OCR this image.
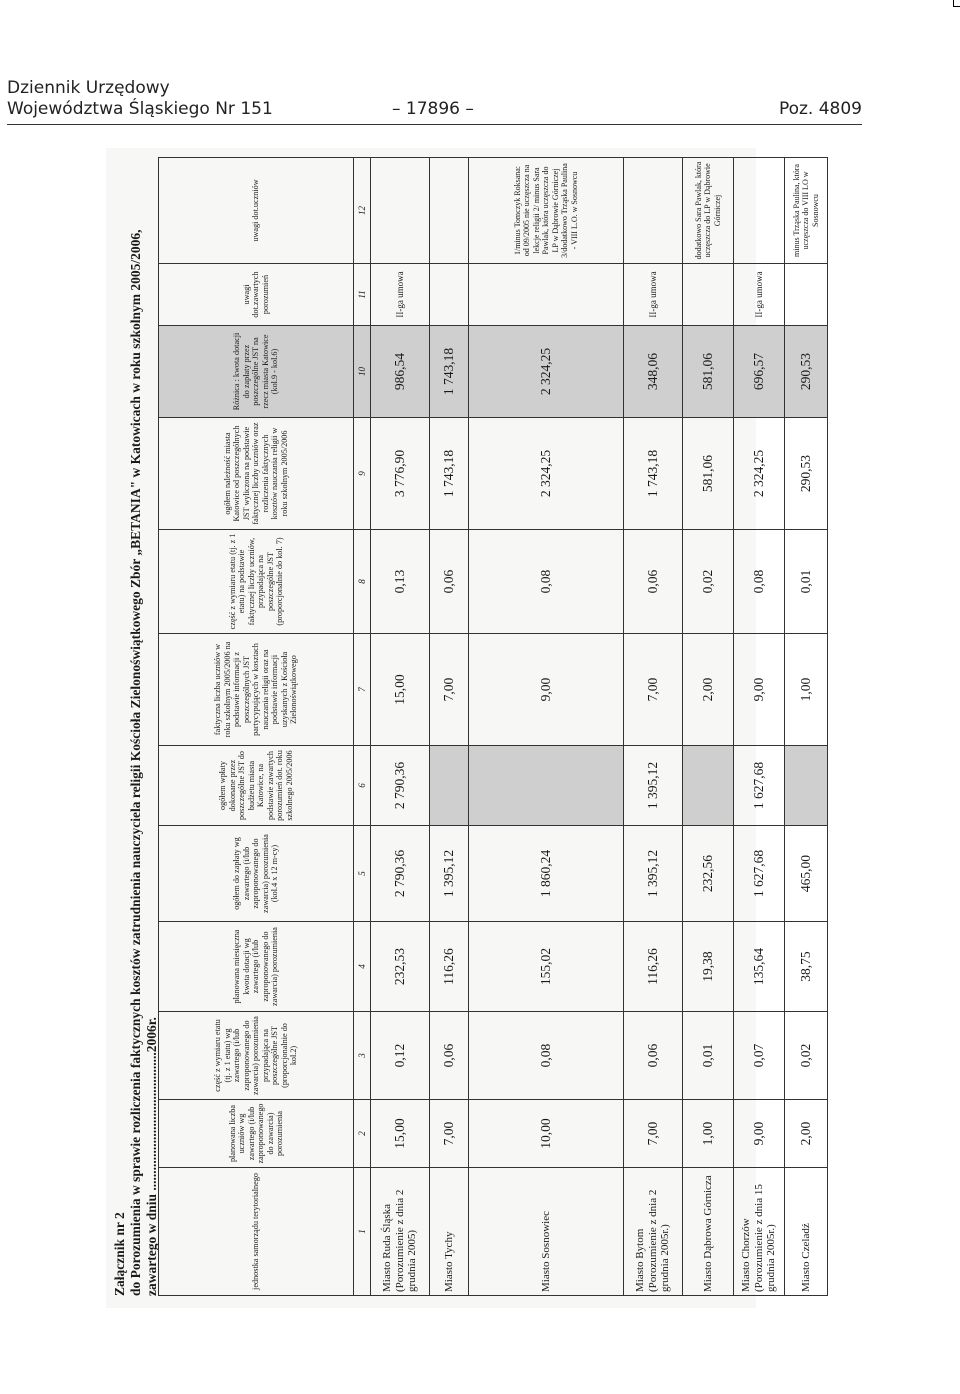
Dziennik Urzędowy
Województwa Śląskiego Nr 151	– 17896 –	Poz. 4809
Załącznik nr 2 do Porozumienia w sprawie rozliczenia faktycznych kosztów zatrudnienia nauczyciela religii Kościoła Zielonoświątkowego Zbór „BETANIA" w Katowicach w roku szkolnym 2005/2006, zawartego w dniu .........................................2006r.	jednostka samorządu terytorialnego	planowana liczba uczniów wg zawartego (i/lub zaproponowanego do zawarcia) porozumienia	część z wymiaru etatu (tj. z 1 etatu) wg zawartego (i/lub zaproponowanego do zawarcia) porozumienia przypadająca na poszczególne JST (proporcjonalnie do kol.2)	planowana miesięczna kwota dotacji wg zawartego (i/lub zaproponowanego do zawarcia) porozumienia	ogółem do zapłaty wg zawartego (i/lub zaproponowanego do zawarcia) porozumienia (kol.4 x 12 m-cy)	ogółem wpłaty dokonane przez poszczególne JST do budżetu miasta Katowice, na podstawie zawartych porozumień dot. roku szkolnego 2005/2006	faktyczna liczba uczniów w roku szkolnym 2005/2006 na podstawie informacji z poszczególnych JST partycypujących w kosztach nauczania religii oraz na podstawie informacji uzyskanych z Kościoła Zielonoświątkowego	część z wymiaru etatu (tj. z 1 etatu) na podstawie faktycznej liczby uczniów, przypadająca na poszczególne JST (proporcjonalnie do kol. 7)	ogółem należność miasta Katowice od poszczególnych JST wyliczona na podstawie faktycznej liczby uczniów oraz rozliczenia faktycznych kosztów nauczania religii w roku szkolnym 2005/2006	Różnica : kwota dotacji do zapłaty przez poszczególne JST na rzecz miasta Katowice (kol.9 - kol.6)	uwagi dot.zawartych porozumień	uwagi dot.uczniów
1	2	3	4	5	6	7	8	9	10	11	12
Miasto Ruda Śląska (Porozumienie z dnia 2 grudnia 2005)	15,00	0,12	232,53	2 790,36	2 790,36	15,00	0,13	3 776,90	986,54	II-ga umowa	
Miasto Tychy	7,00	0,06	116,26	1 395,12		7,00	0,06	1 743,18	1 743,18		
Miasto Sosnowiec	10,00	0,08	155,02	1 860,24		9,00	0,08	2 324,25	2 324,25		1/minus Tomczyk Roksana: od 09/2005 nie uczęszcza na lekcje religii 2/ minus Sara Pawlak, która uczęszcza do LP w Dąbrowie Górniczej 3/dodatkowo Trząska Paulina - VIII L.O. w Sosnowcu
Miasto Bytom (Porozumienie z dnia 2 grudnia 2005r.)	7,00	0,06	116,26	1 395,12	1 395,12	7,00	0,06	1 743,18	348,06	II-ga umowa	
Miasto Dąbrowa Górnicza	1,00	0,01	19,38	232,56		2,00	0,02	581,06	581,06		dodatkowo Sara Pawlak, która uczęszcza do LP w Dąbrowie Górniczej
Miasto Chorzów (Porozumienie z dnia 15 grudnia 2005r.)	9,00	0,07	135,64	1 627,68	1 627,68	9,00	0,08	2 324,25	696,57	II-ga umowa	
Miasto Czeladź	2,00	0,02	38,75	465,00		1,00	0,01	290,53	290,53		minus Trząska Paulina, która uczęszcza do VIII LO w Sosnowcu
